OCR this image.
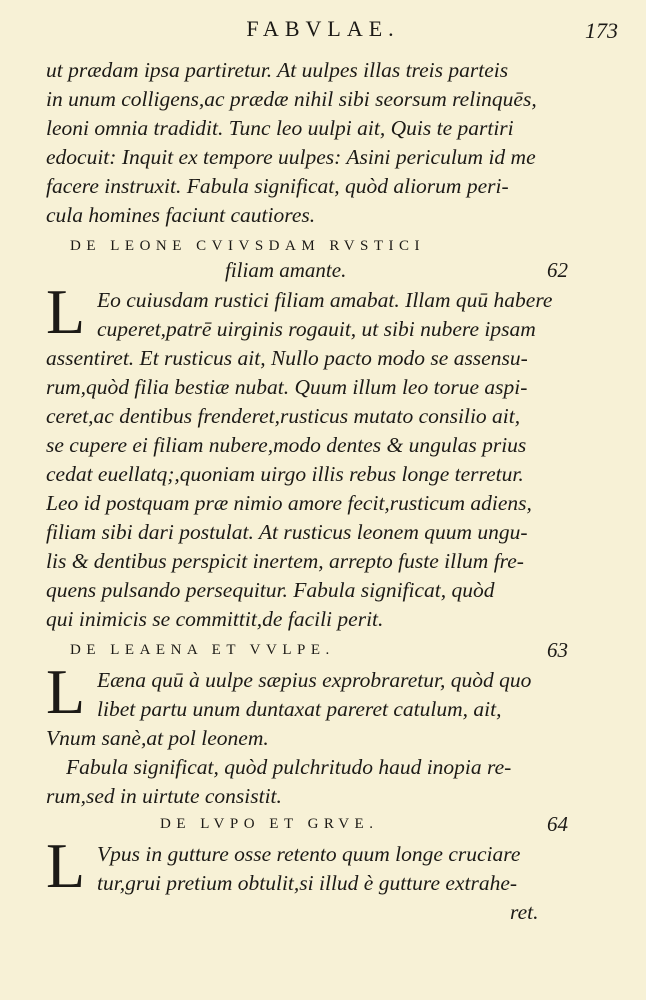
FABVLAE.	173
ut prædam ipsa partiretur. At uulpes illas treis parteis
in unum colligens,ac prædæ nihil sibi seorsum relinquēs,
leoni omnia tradidit. Tunc leo uulpi ait, Quis te partiri
edocuit: Inquit ex tempore uulpes: Asini periculum id me
facere instruxit. Fabula significat, quòd aliorum peri-
cula homines faciunt cautiores.
DE LEONE CVIVSDAM RVSTICI
filiam amante.	62
L Eo cuiusdam rustici filiam amabat. Illam quū habere
cuperet,patrē uirginis rogauit, ut sibi nubere ipsam
assentiret. Et rusticus ait, Nullo pacto modo se assensu-
rum,quòd filia bestiæ nubat. Quum illum leo torue aspi-
ceret,ac dentibus frenderet,rusticus mutato consilio ait,
se cupere ei filiam nubere,modo dentes & ungulas prius
cedat euellatq;,quoniam uirgo illis rebus longe terretur.
Leo id postquam præ nimio amore fecit,rusticum adiens,
filiam sibi dari postulat. At rusticus leonem quum ungu-
lis & dentibus perspicit inertem, arrepto fuste illum fre-
quens pulsando persequitur. Fabula significat, quòd
qui inimicis se committit,de facili perit.
DE LEAENA ET VVLPE.	63
L Eæna quū à uulpe sæpius exprobraretur, quòd quo
libet partu unum duntaxat pareret catulum, ait,
Vnum sanè,at pol leonem.
Fabula significat, quòd pulchritudo haud inopia re-
rum,sed in uirtute consistit.
DE LVPO ET GRVE.	64
L Vpus in gutture osse retento quum longe cruciare
tur,grui pretium obtulit,si illud è gutture extrahe-
ret.
